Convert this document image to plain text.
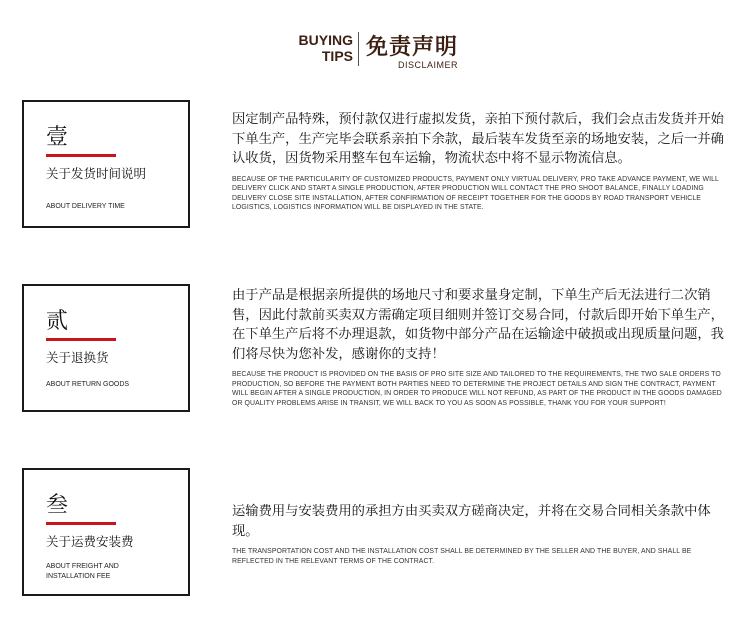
BUYING
TIPS 免责声明
DISCLAIMER
壹
关于发货时间说明
ABOUT DELIVERY TIME

因定制产品特殊，预付款仅进行虚拟发货，亲拍下预付款后，我们会点击发货并开始下单生产，生产完毕会联系亲拍下余款，最后装车发货至亲的场地安装，之后一并确认收货，因货物采用整车包车运输，物流状态中将不显示物流信息。

BECAUSE OF THE PARTICULARITY OF CUSTOMIZED PRODUCTS, PAYMENT ONLY VIRTUAL DELIVERY, PRO TAKE ADVANCE PAYMENT, WE WILL DELIVERY CLICK AND START A SINGLE PRODUCTION, AFTER PRODUCTION WILL CONTACT THE PRO SHOOT BALANCE, FINALLY LOADING DELIVERY CLOSE SITE INSTALLATION, AFTER CONFIRMATION OF RECEIPT TOGETHER FOR THE GOODS BY ROAD TRANSPORT VEHICLE LOGISTICS, LOGISTICS INFORMATION WILL BE DISPLAYED IN THE STATE.

贰
关于退换货
ABOUT RETURN GOODS

由于产品是根据亲所提供的场地尺寸和要求量身定制，下单生产后无法进行二次销售，因此付款前买卖双方需确定项目细则并签订交易合同，付款后即开始下单生产，在下单生产后将不办理退款，如货物中部分产品在运输途中破损或出现质量问题，我们将尽快为您补发，感谢你的支持！

BECAUSE THE PRODUCT IS PROVIDED ON THE BASIS OF PRO SITE SIZE AND TAILORED TO THE REQUIREMENTS, THE TWO SALE ORDERS TO PRODUCTION, SO BEFORE THE PAYMENT BOTH PARTIES NEED TO DETERMINE THE PROJECT DETAILS AND SIGN THE CONTRACT, PAYMENT WILL BEGIN AFTER A SINGLE PRODUCTION, IN ORDER TO PRODUCE WILL NOT REFUND, AS PART OF THE PRODUCT IN THE GOODS DAMAGED OR QUALITY PROBLEMS ARISE IN TRANSIT, WE WILL BACK TO YOU AS SOON AS POSSIBLE, THANK YOU FOR YOUR SUPPORT!

叁
关于运费安装费
ABOUT FREIGHT AND INSTALLATION FEE

运输费用与安装费用的承担方由买卖双方磋商决定，并将在交易合同相关条款中体现。

THE TRANSPORTATION COST AND THE INSTALLATION COST SHALL BE DETERMINED BY THE SELLER AND THE BUYER, AND SHALL BE REFLECTED IN THE RELEVANT TERMS OF THE CONTRACT.
